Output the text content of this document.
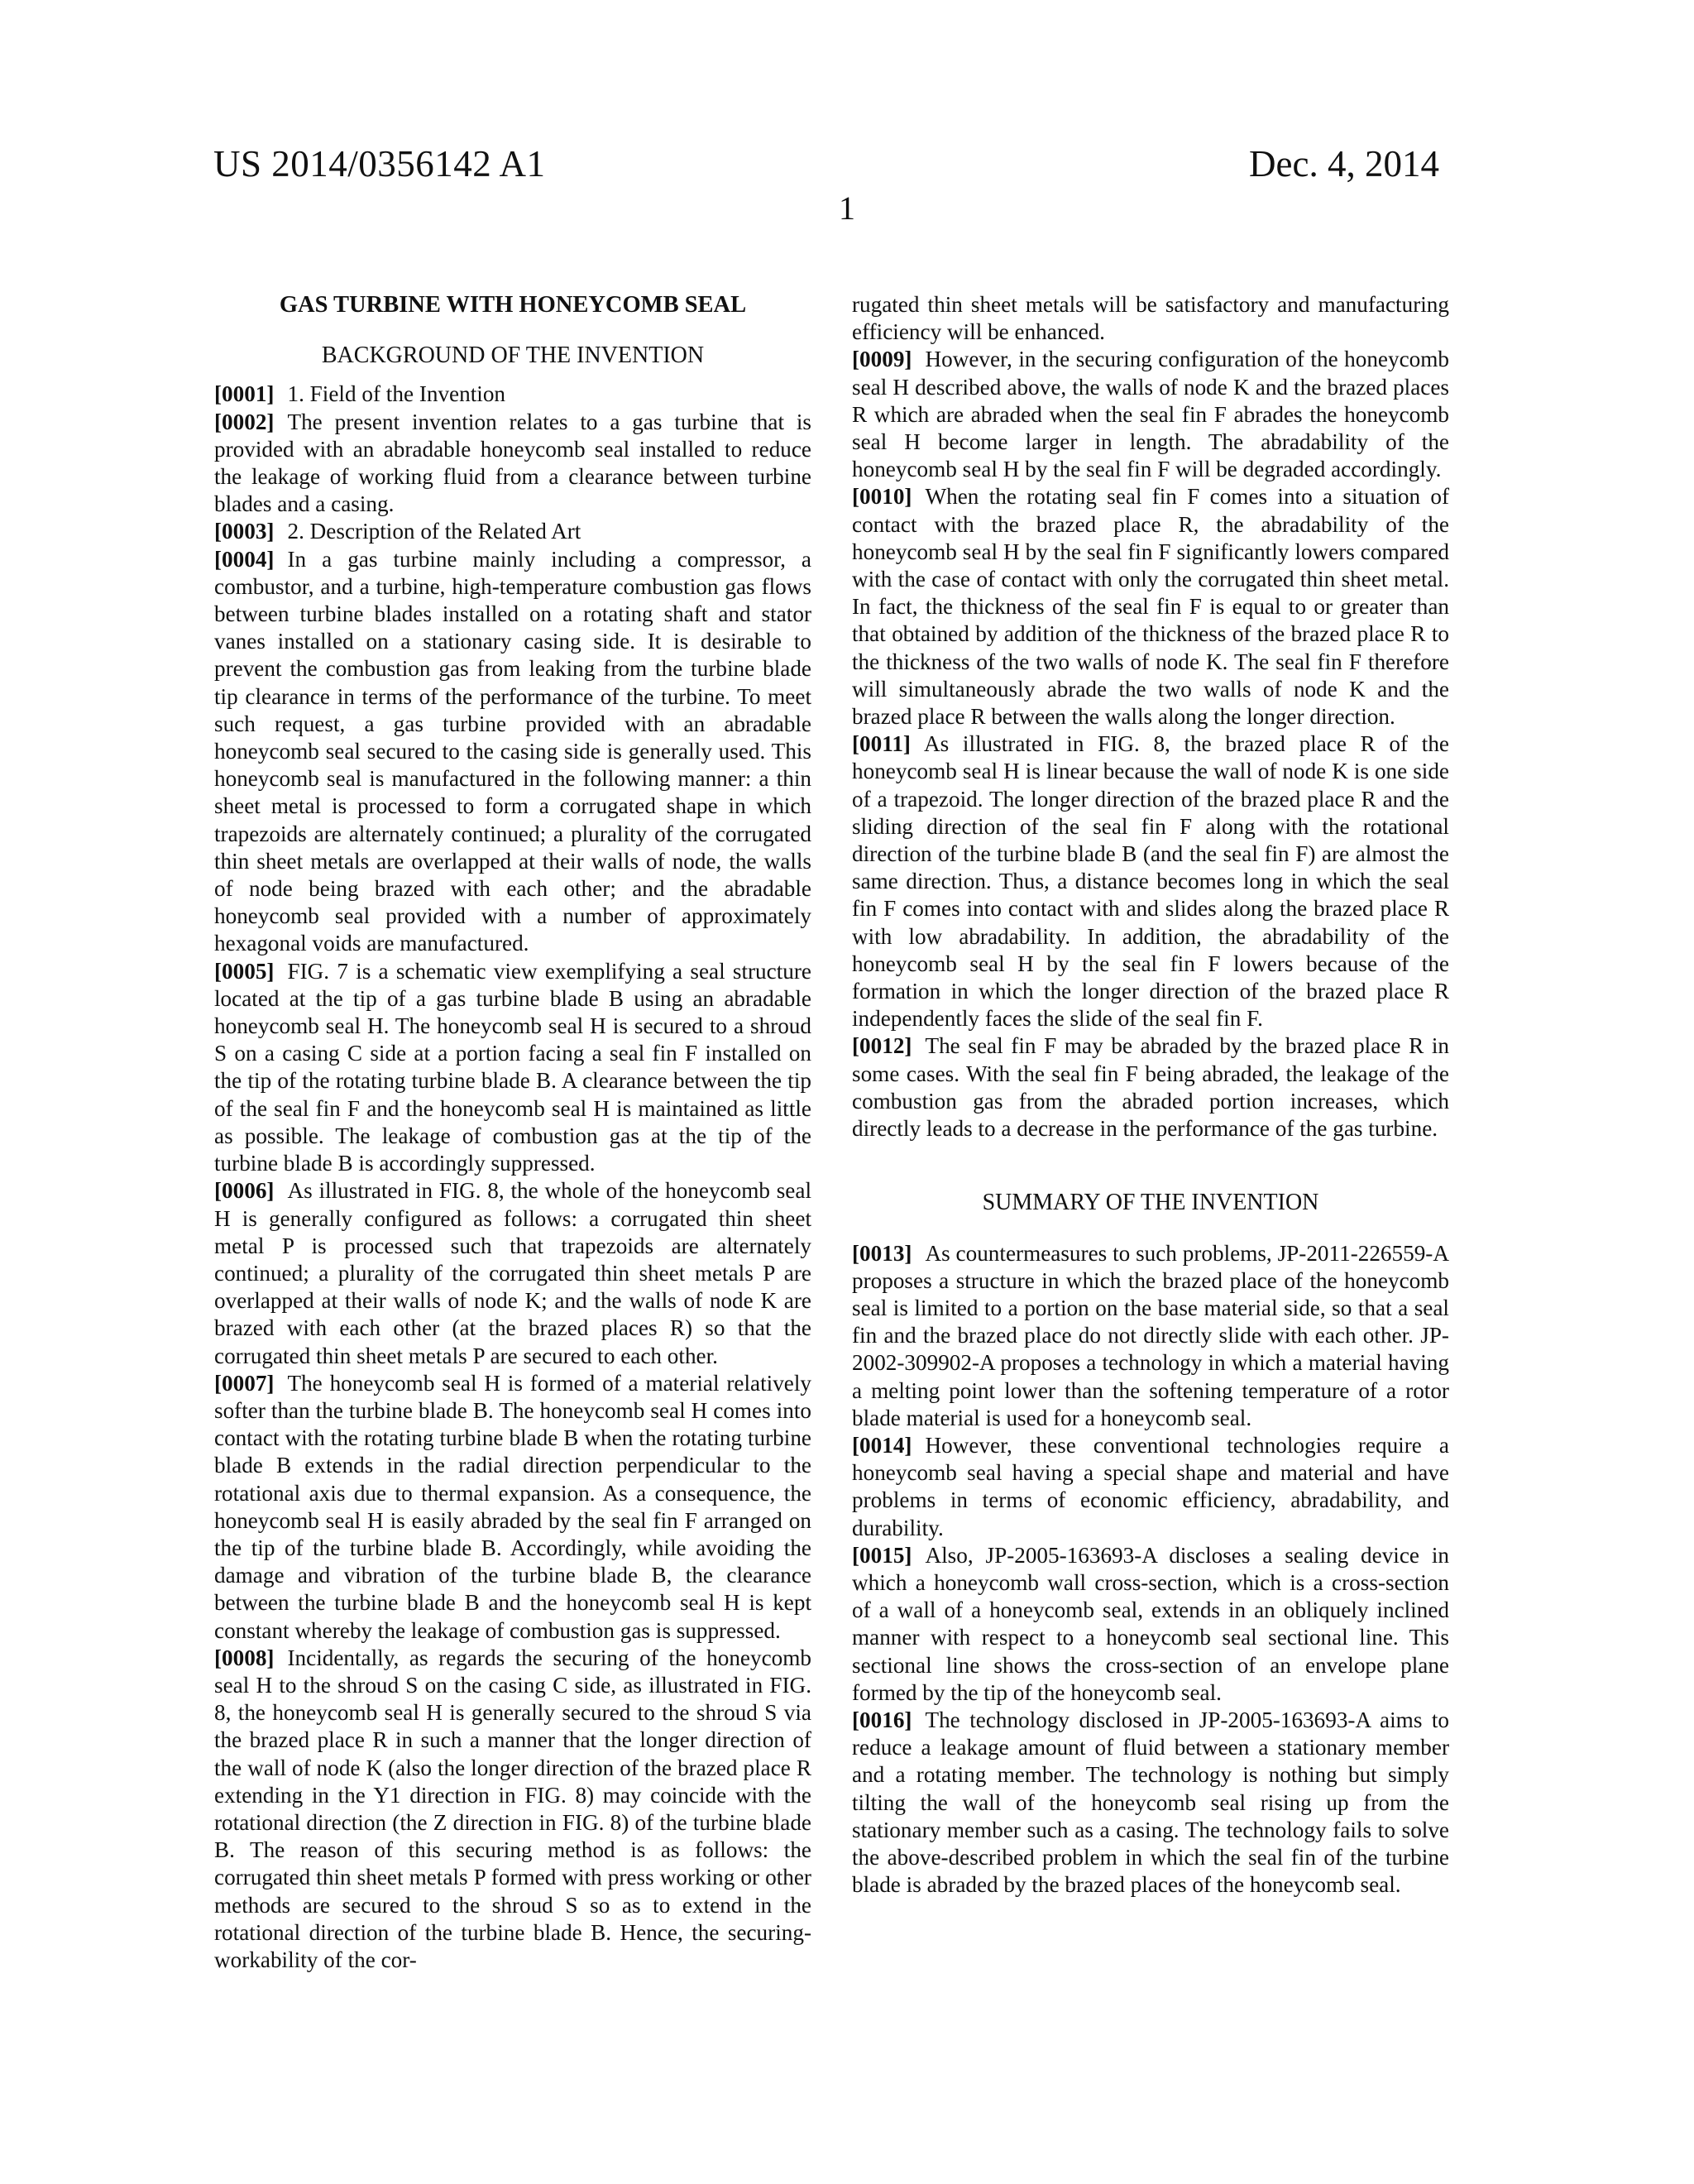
US 2014/0356142 A1	Dec. 4, 2014
1
GAS TURBINE WITH HONEYCOMB SEAL
BACKGROUND OF THE INVENTION

[0001] 1. Field of the Invention

[0002] The present invention relates to a gas turbine that is provided with an abradable honeycomb seal installed to reduce the leakage of working fluid from a clearance between turbine blades and a casing.

[0003] 2. Description of the Related Art

[0004] In a gas turbine mainly including a compressor, a combustor, and a turbine, high-temperature combustion gas flows between turbine blades installed on a rotating shaft and stator vanes installed on a stationary casing side. It is desirable to prevent the combustion gas from leaking from the turbine blade tip clearance in terms of the performance of the turbine. To meet such request, a gas turbine provided with an abradable honeycomb seal secured to the casing side is generally used. This honeycomb seal is manufactured in the following manner: a thin sheet metal is processed to form a corrugated shape in which trapezoids are alternately continued; a plurality of the corrugated thin sheet metals are overlapped at their walls of node, the walls of node being brazed with each other; and the abradable honeycomb seal provided with a number of approximately hexagonal voids are manufactured.

[0005] FIG. 7 is a schematic view exemplifying a seal structure located at the tip of a gas turbine blade B using an abradable honeycomb seal H. The honeycomb seal H is secured to a shroud S on a casing C side at a portion facing a seal fin F installed on the tip of the rotating turbine blade B. A clearance between the tip of the seal fin F and the honeycomb seal H is maintained as little as possible. The leakage of combustion gas at the tip of the turbine blade B is accordingly suppressed.

[0006] As illustrated in FIG. 8, the whole of the honeycomb seal H is generally configured as follows: a corrugated thin sheet metal P is processed such that trapezoids are alternately continued; a plurality of the corrugated thin sheet metals P are overlapped at their walls of node K; and the walls of node K are brazed with each other (at the brazed places R) so that the corrugated thin sheet metals P are secured to each other.

[0007] The honeycomb seal H is formed of a material relatively softer than the turbine blade B. The honeycomb seal H comes into contact with the rotating turbine blade B when the rotating turbine blade B extends in the radial direction perpendicular to the rotational axis due to thermal expansion. As a consequence, the honeycomb seal H is easily abraded by the seal fin F arranged on the tip of the turbine blade B. Accordingly, while avoiding the damage and vibration of the turbine blade B, the clearance between the turbine blade B and the honeycomb seal H is kept constant whereby the leakage of combustion gas is suppressed.

[0008] Incidentally, as regards the securing of the honeycomb seal H to the shroud S on the casing C side, as illustrated in FIG. 8, the honeycomb seal H is generally secured to the shroud S via the brazed place R in such a manner that the longer direction of the wall of node K (also the longer direction of the brazed place R extending in the Y1 direction in FIG. 8) may coincide with the rotational direction (the Z direction in FIG. 8) of the turbine blade B. The reason of this securing method is as follows: the corrugated thin sheet metals P formed with press working or other methods are secured to the shroud S so as to extend in the rotational direction of the turbine blade B. Hence, the securing-workability of the cor-

rugated thin sheet metals will be satisfactory and manufacturing efficiency will be enhanced.

[0009] However, in the securing configuration of the honeycomb seal H described above, the walls of node K and the brazed places R which are abraded when the seal fin F abrades the honeycomb seal H become larger in length. The abradability of the honeycomb seal H by the seal fin F will be degraded accordingly.

[0010] When the rotating seal fin F comes into a situation of contact with the brazed place R, the abradability of the honeycomb seal H by the seal fin F significantly lowers compared with the case of contact with only the corrugated thin sheet metal. In fact, the thickness of the seal fin F is equal to or greater than that obtained by addition of the thickness of the brazed place R to the thickness of the two walls of node K. The seal fin F therefore will simultaneously abrade the two walls of node K and the brazed place R between the walls along the longer direction.

[0011] As illustrated in FIG. 8, the brazed place R of the honeycomb seal H is linear because the wall of node K is one side of a trapezoid. The longer direction of the brazed place R and the sliding direction of the seal fin F along with the rotational direction of the turbine blade B (and the seal fin F) are almost the same direction. Thus, a distance becomes long in which the seal fin F comes into contact with and slides along the brazed place R with low abradability. In addition, the abradability of the honeycomb seal H by the seal fin F lowers because of the formation in which the longer direction of the brazed place R independently faces the slide of the seal fin F.

[0012] The seal fin F may be abraded by the brazed place R in some cases. With the seal fin F being abraded, the leakage of the combustion gas from the abraded portion increases, which directly leads to a decrease in the performance of the gas turbine.

SUMMARY OF THE INVENTION

[0013] As countermeasures to such problems, JP-2011-226559-A proposes a structure in which the brazed place of the honeycomb seal is limited to a portion on the base material side, so that a seal fin and the brazed place do not directly slide with each other. JP-2002-309902-A proposes a technology in which a material having a melting point lower than the softening temperature of a rotor blade material is used for a honeycomb seal.

[0014] However, these conventional technologies require a honeycomb seal having a special shape and material and have problems in terms of economic efficiency, abradability, and durability.

[0015] Also, JP-2005-163693-A discloses a sealing device in which a honeycomb wall cross-section, which is a cross-section of a wall of a honeycomb seal, extends in an obliquely inclined manner with respect to a honeycomb seal sectional line. This sectional line shows the cross-section of an envelope plane formed by the tip of the honeycomb seal.

[0016] The technology disclosed in JP-2005-163693-A aims to reduce a leakage amount of fluid between a stationary member and a rotating member. The technology is nothing but simply tilting the wall of the honeycomb seal rising up from the stationary member such as a casing. The technology fails to solve the above-described problem in which the seal fin of the turbine blade is abraded by the brazed places of the honeycomb seal.
